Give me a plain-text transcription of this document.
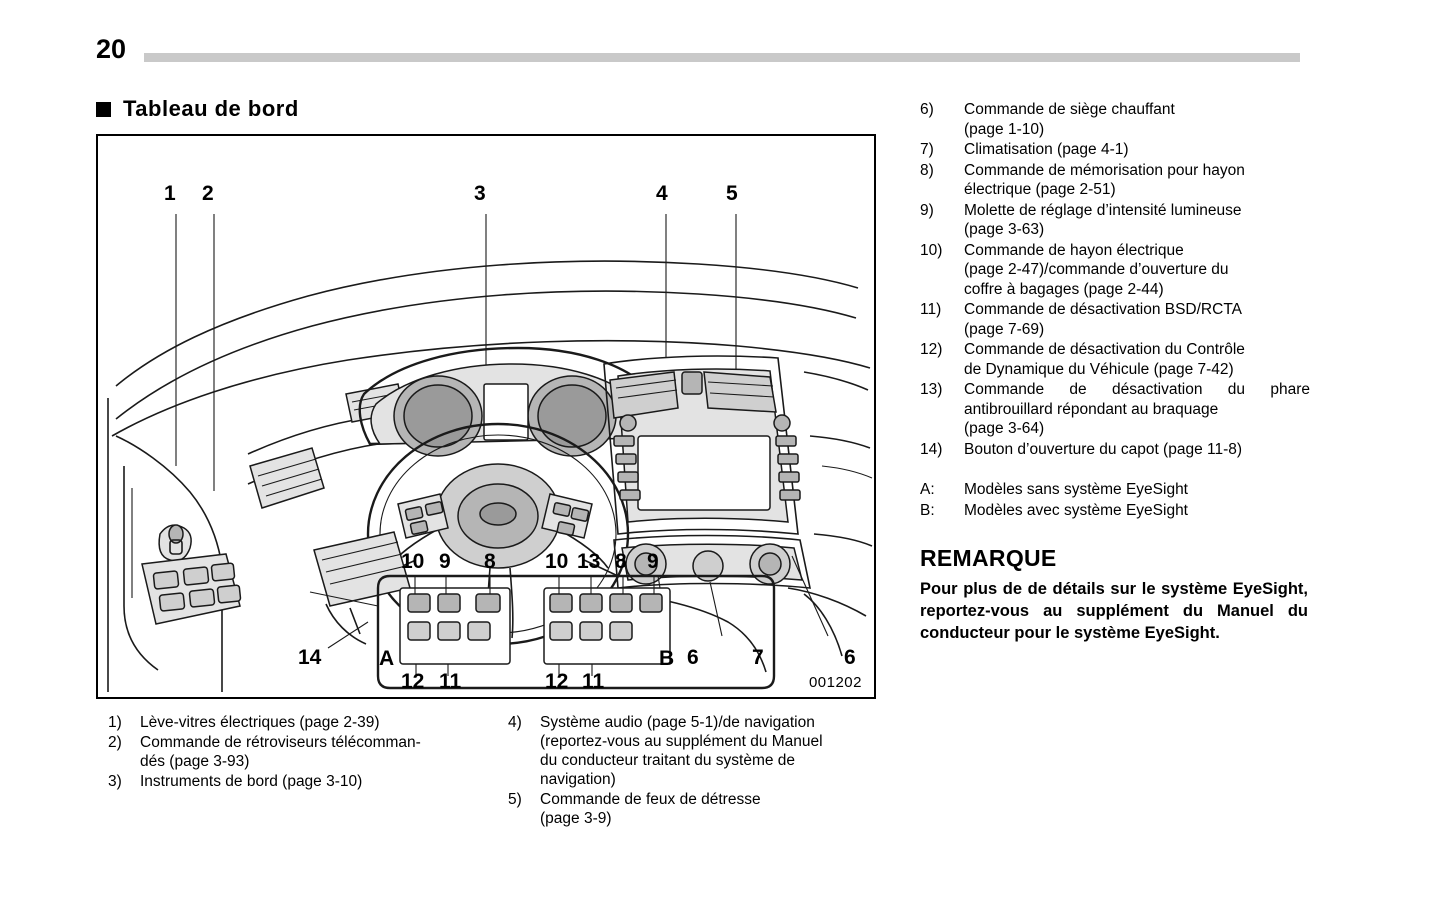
20
Tableau de bord
1 2	3	4	5
14	A	B 6	7	6
10 9 8
12 11
10 13 8 9
12 11	001202
1)	Lève-vitres électriques (page 2-39)
2)	Commande de rétroviseurs télécomman-
dés (page 3-93)
3)	Instruments de bord (page 3-10)
4)	Système audio (page 5-1)/de navigation
(reportez-vous au supplément du Manuel
du conducteur traitant du système de
navigation)
5)	Commande de feux de détresse
(page 3-9)
6)	Commande de siège chauffant
(page 1-10)
7)	Climatisation (page 4-1)
8)	Commande de mémorisation pour hayon
électrique (page 2-51)
9)	Molette de réglage d’intensité lumineuse
(page 3-63)
10)	Commande de hayon électrique
(page 2-47)/commande d’ouverture du
coffre à bagages (page 2-44)
11)	Commande de désactivation BSD/RCTA
(page 7-69)
12)	Commande de désactivation du Contrôle
de Dynamique du Véhicule (page 7-42)
13)	Commande de désactivation du phare
antibrouillard répondant au braquage
(page 3-64)
14)	Bouton d’ouverture du capot (page 11-8)
A:	Modèles sans système EyeSight
B:	Modèles avec système EyeSight
REMARQUE
Pour plus de de détails sur le système EyeSight, reportez-vous au supplément du Manuel du conducteur pour le système EyeSight.
